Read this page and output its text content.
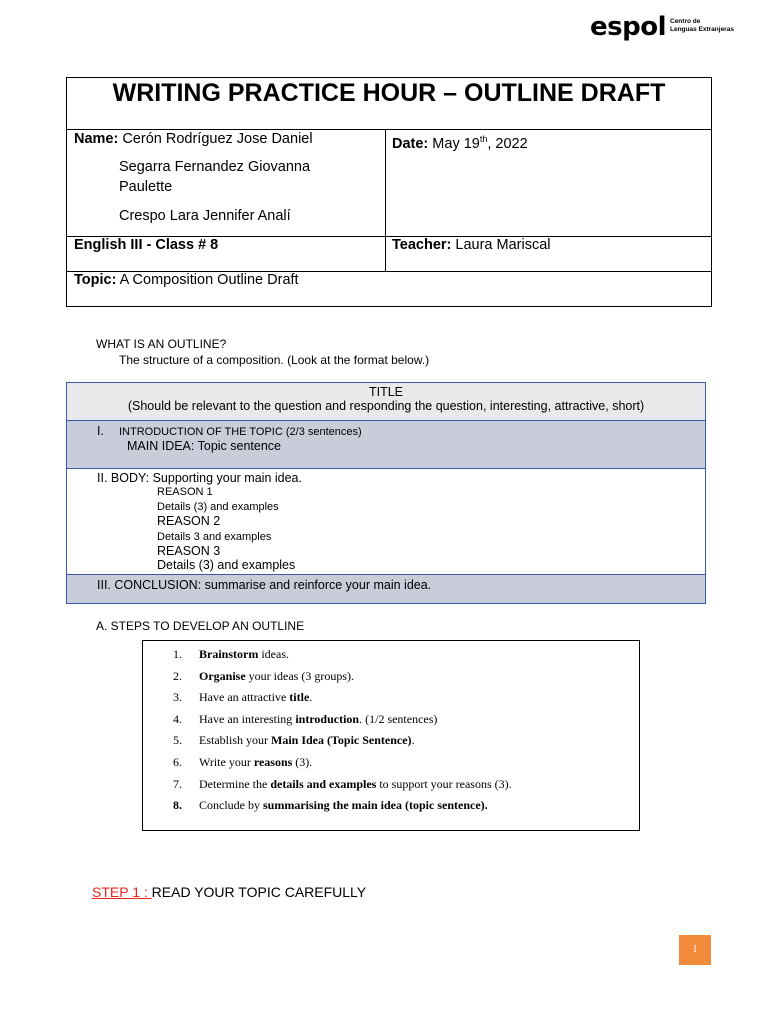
espol Centro de
Lenguas Extranjeras
WRITING PRACTICE HOUR – OUTLINE DRAFT
Name: Cerón Rodríguez Jose Daniel
Segarra Fernandez Giovanna
Paulette
Crespo Lara Jennifer Analí
Date: May 19th, 2022
English III - Class # 8	Teacher: Laura Mariscal
Topic: A Composition Outline Draft
WHAT IS AN OUTLINE?
The structure of a composition. (Look at the format below.)
TITLE
(Should be relevant to the question and responding the question, interesting, attractive, short)
I. INTRODUCTION OF THE TOPIC (2/3 sentences)
MAIN IDEA: Topic sentence
II. BODY: Supporting your main idea.
REASON 1
Details (3) and examples
REASON 2
Details 3 and examples
REASON 3
Details (3) and examples
III. CONCLUSION: summarise and reinforce your main idea.
A. STEPS TO DEVELOP AN OUTLINE
1. Brainstorm ideas.
2. Organise your ideas (3 groups).
3. Have an attractive title.
4. Have an interesting introduction. (1/2 sentences)
5. Establish your Main Idea (Topic Sentence).
6. Write your reasons (3).
7. Determine the details and examples to support your reasons (3).
8. Conclude by summarising the main idea (topic sentence).
STEP 1 : READ YOUR TOPIC CAREFULLY
1
